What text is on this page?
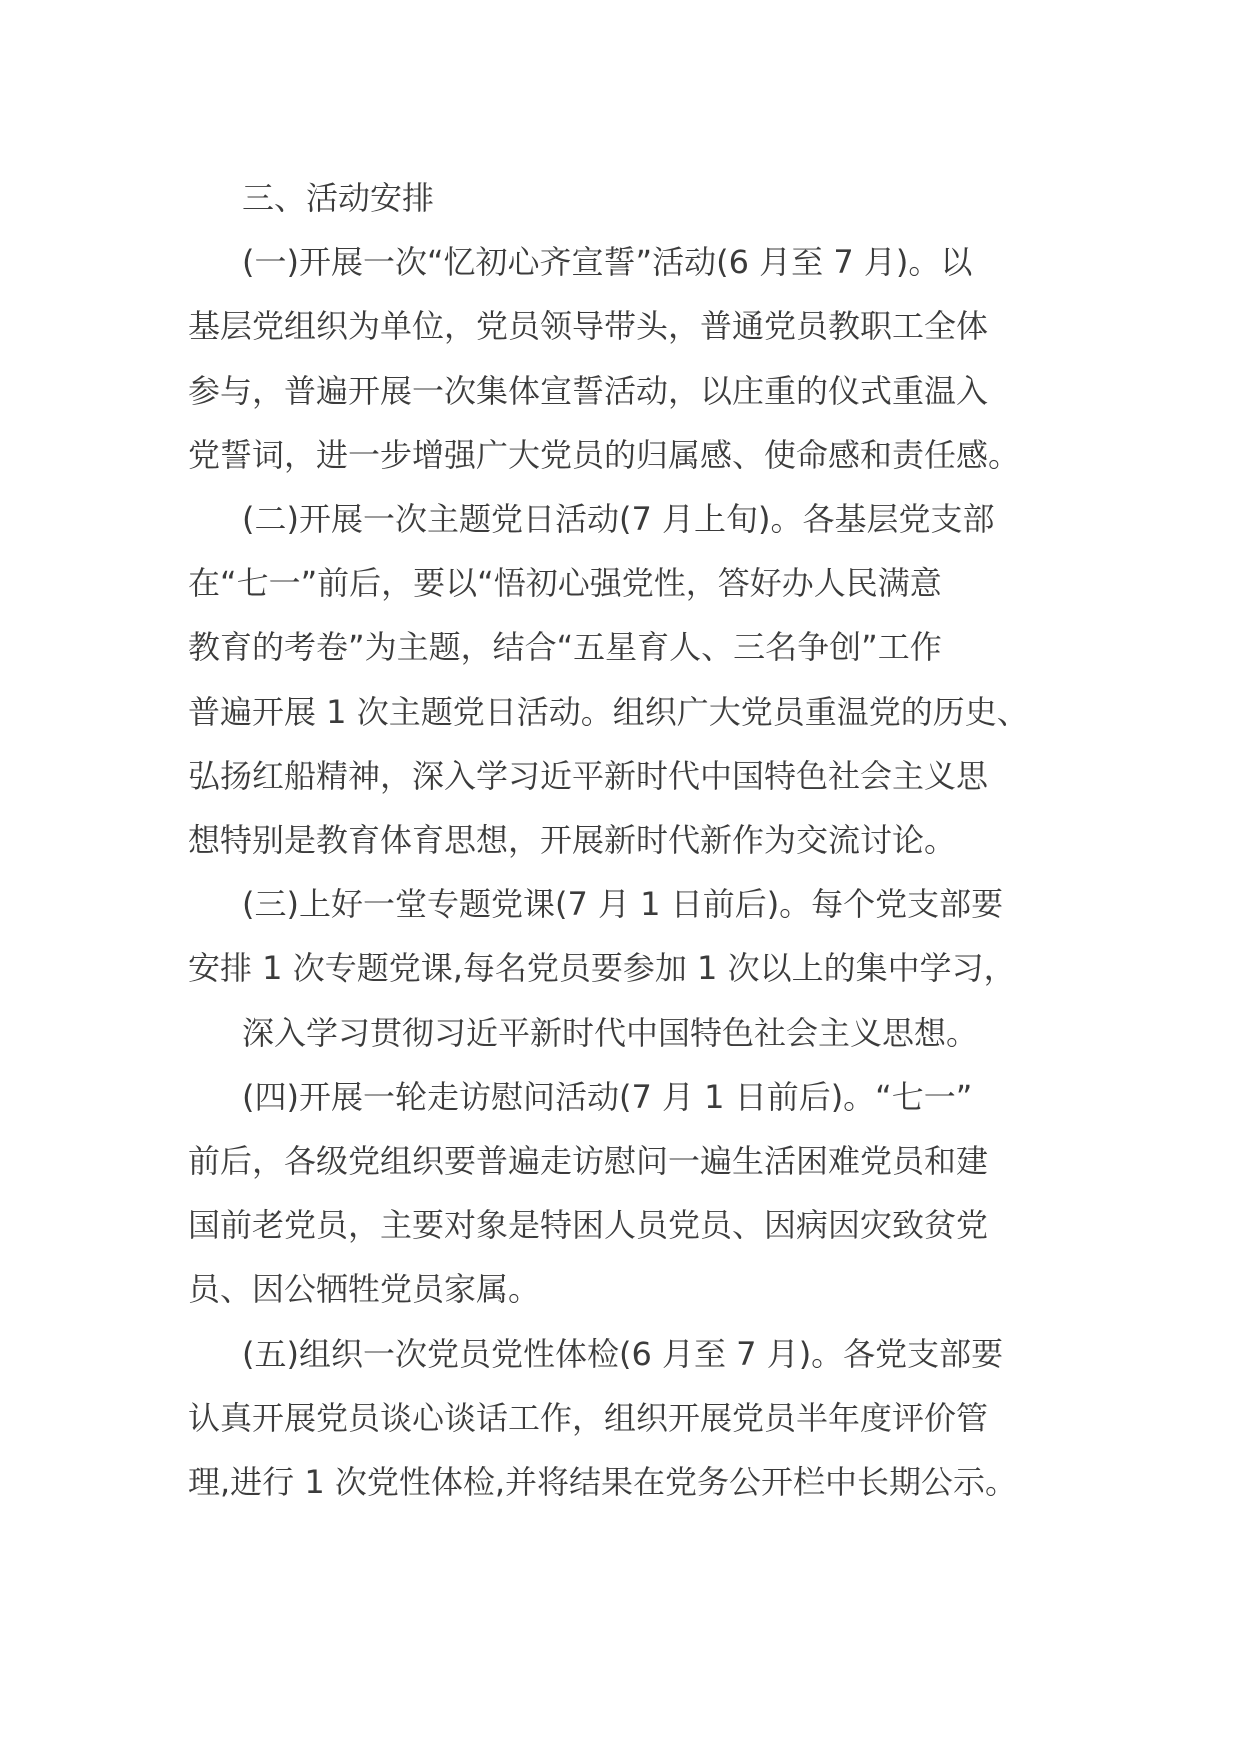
三、活动安排
(一)开展一次“忆初心齐宣誓”活动(6 月至 7 月)。以
基层党组织为单位，党员领导带头，普通党员教职工全体
参与，普遍开展一次集体宣誓活动，以庄重的仪式重温入
党誓词，进一步增强广大党员的归属感、使命感和责任感。
(二)开展一次主题党日活动(7 月上旬)。各基层党支部
在“七一”前后，要以“悟初心强党性，答好办人民满意
教育的考卷”为主题，结合“五星育人、三名争创”工作
普遍开展 1 次主题党日活动。组织广大党员重温党的历史、
弘扬红船精神，深入学习近平新时代中国特色社会主义思
想特别是教育体育思想，开展新时代新作为交流讨论。
(三)上好一堂专题党课(7 月 1 日前后)。每个党支部要
安排 1 次专题党课,每名党员要参加 1 次以上的集中学习，
深入学习贯彻习近平新时代中国特色社会主义思想。
(四)开展一轮走访慰问活动(7 月 1 日前后)。“七一”
前后，各级党组织要普遍走访慰问一遍生活困难党员和建
国前老党员，主要对象是特困人员党员、因病因灾致贫党
员、因公牺牲党员家属。
(五)组织一次党员党性体检(6 月至 7 月)。各党支部要
认真开展党员谈心谈话工作，组织开展党员半年度评价管
理,进行 1 次党性体检,并将结果在党务公开栏中长期公示。
